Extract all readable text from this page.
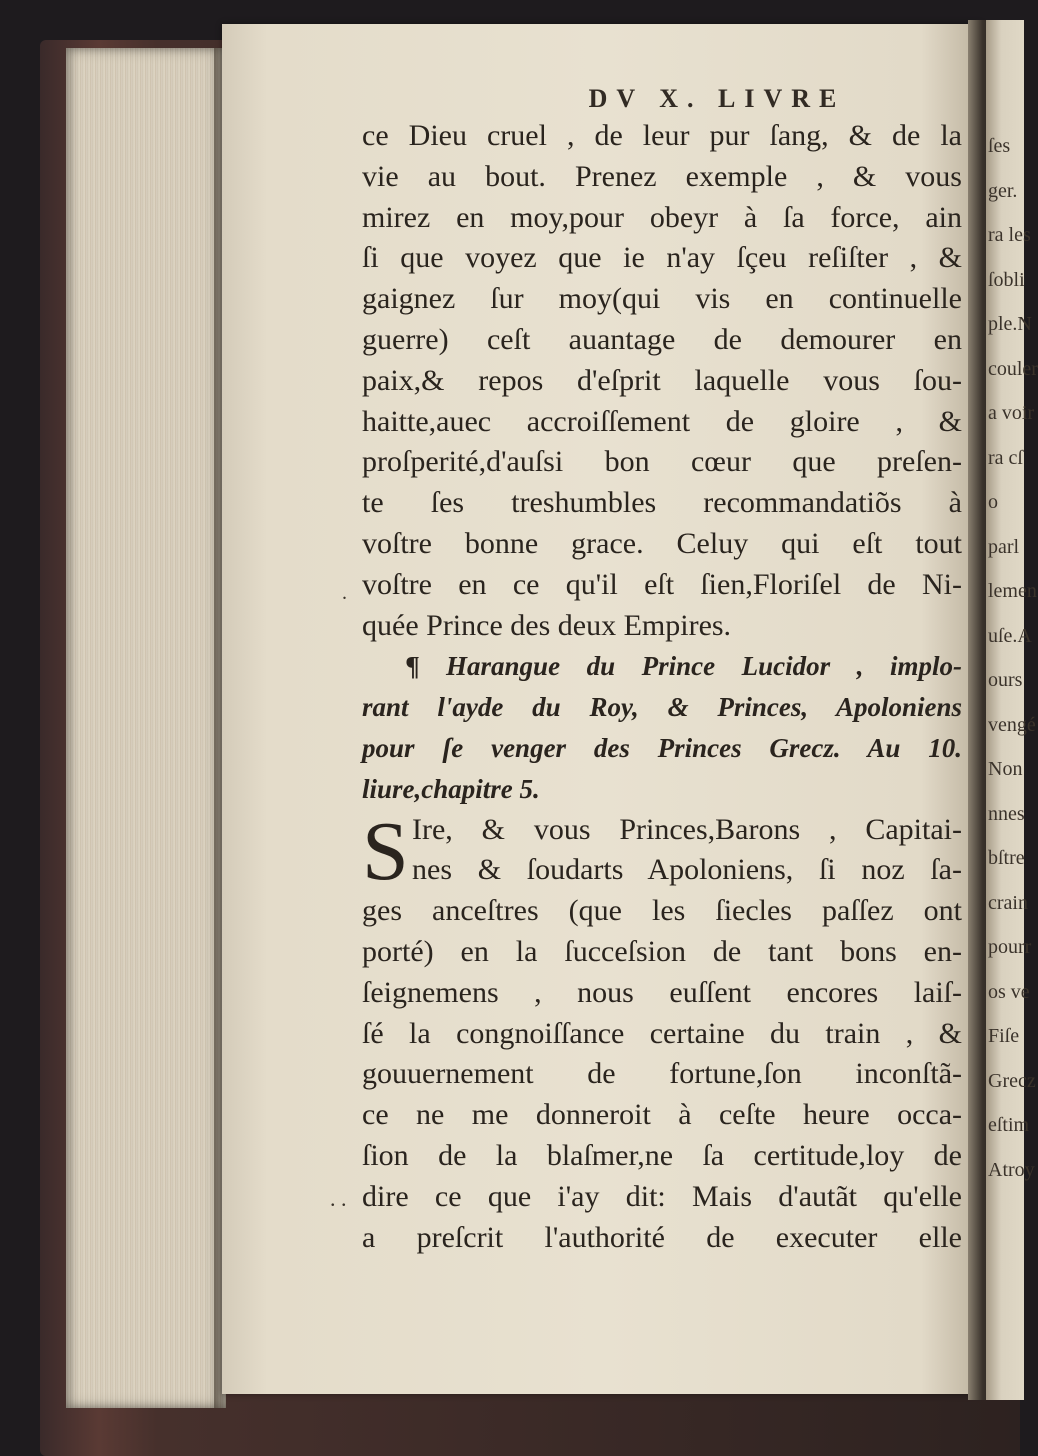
ſes
ger.
ra les
ſobli
ple.N
couler
a voir
ra cſ
o
parl
lemen
uſe.A
ours
vengé
Non
nnes
bſtre
crain
pourr
os ve
Fiſe
Grecz
eſtim
Atroy
.
. .
DV X. LIVRE
ce Dieu cruel , de leur pur ſang, & de la
vie au bout. Prenez exemple , & vous
mirez en moy,pour obeyr à ſa force, ain
ſi que voyez que ie n'ay ſçeu reſiſter , &
gaignez ſur moy(qui vis en continuelle
guerre) ceſt auantage de demourer en
paix,& repos d'eſprit laquelle vous ſou-
haitte,auec accroiſſement de gloire , &
proſperité,d'auſsi bon cœur que preſen-
te ſes treshumbles recommandatiõs à
voſtre bonne grace. Celuy qui eſt tout
voſtre en ce qu'il eſt ſien,Floriſel de Ni-
quée Prince des deux Empires.
¶ Harangue du Prince Lucidor , implo-
rant l'ayde du Roy, & Princes, Apoloniens
pour ſe venger des Princes Grecz. Au 10.
liure,chapitre 5.
S Ire, & vous Princes,Barons , Capitai-
nes & ſoudarts Apoloniens, ſi noz ſa-
ges anceſtres (que les ſiecles paſſez ont
porté) en la ſucceſsion de tant bons en-
ſeignemens , nous euſſent encores laiſ-
ſé la congnoiſſance certaine du train , &
gouuernement de fortune,ſon inconſtã-
ce ne me donneroit à ceſte heure occa-
ſion de la blaſmer,ne ſa certitude,loy de
dire ce que i'ay dit: Mais d'autãt qu'elle
a preſcrit l'authorité de executer elle
